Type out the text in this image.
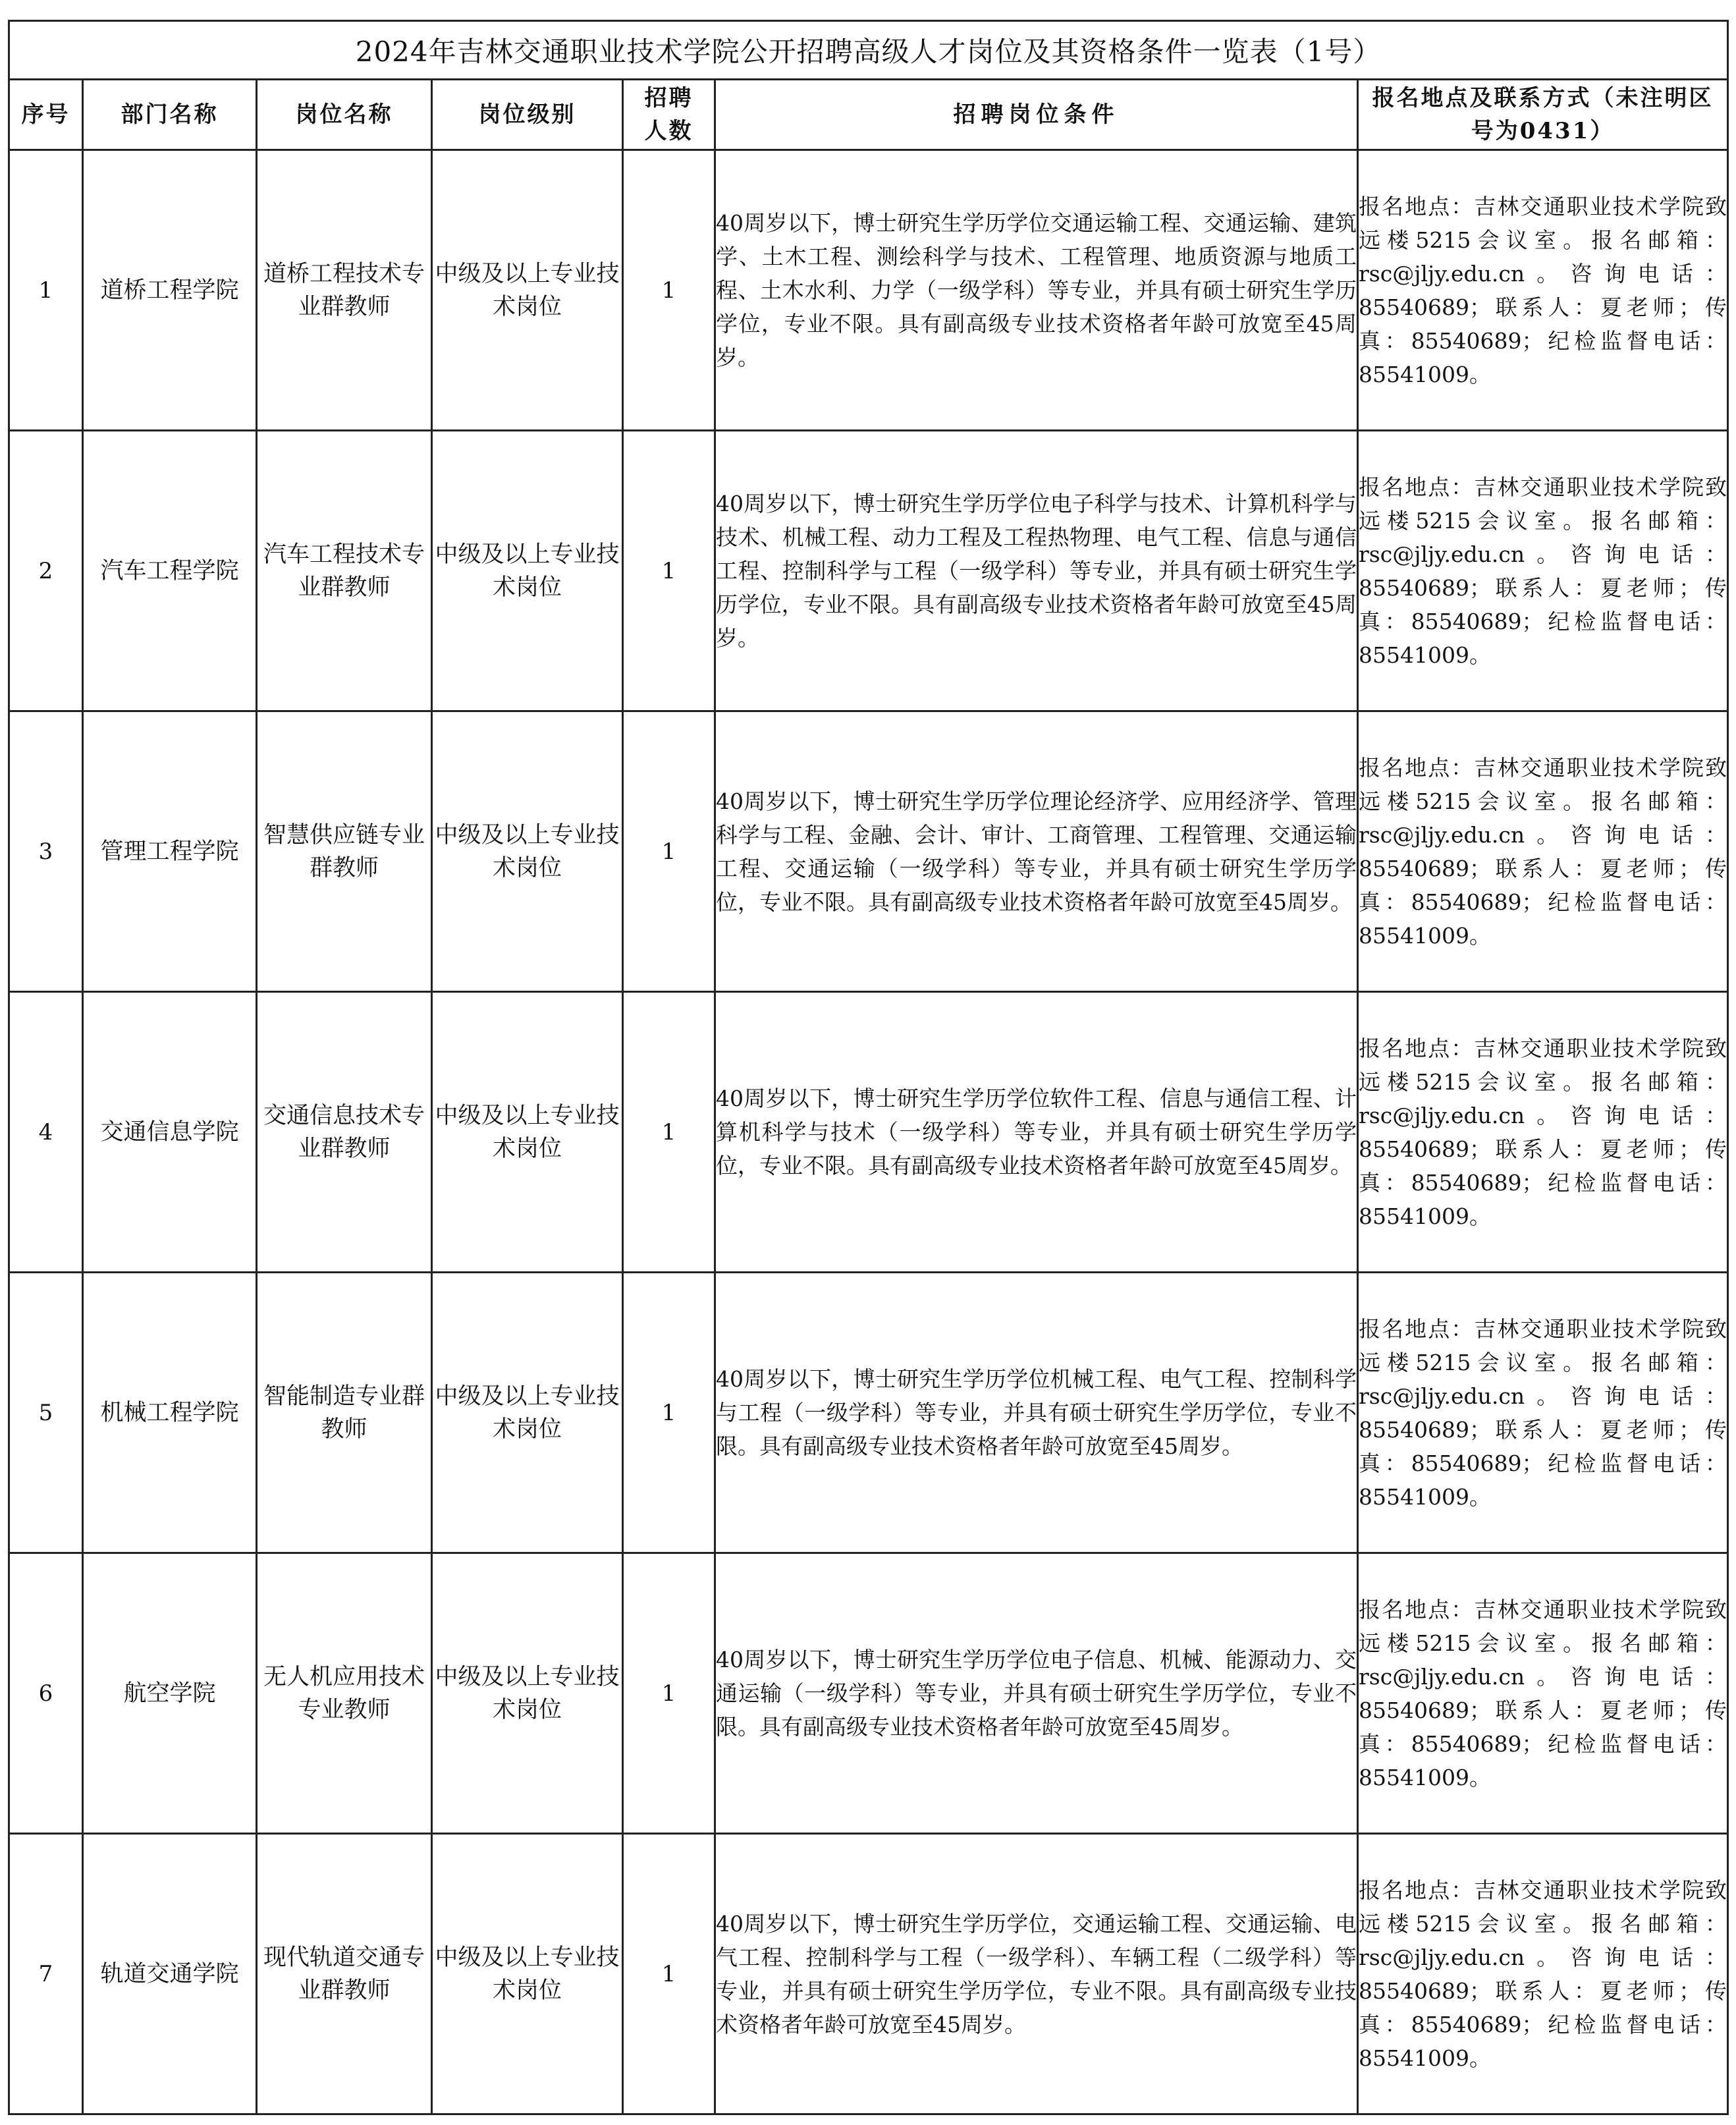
2024年吉林交通职业技术学院公开招聘高级人才岗位及其资格条件一览表（1号）						
序号	部门名称	岗位名称	岗位级别	招聘人数	招聘岗位条件	报名地点及联系方式（未注明区号为0431）
1	道桥工程学院	道桥工程技术专业群教师	中级及以上专业技术岗位	1	40周岁以下，博士研究生学历学位交通运输工程、交通运输、建筑学、土木工程、测绘科学与技术、工程管理、地质资源与地质工程、土木水利、力学（一级学科）等专业，并具有硕士研究生学历学位，专业不限。具有副高级专业技术资格者年龄可放宽至45周岁。	报名地点：吉林交通职业技术学院致远楼5215会议室。报名邮箱：rsc@jljy.edu.cn。咨询电话：85540689；联系人：夏老师；传真：85540689；纪检监督电话：85541009。
2	汽车工程学院	汽车工程技术专业群教师	中级及以上专业技术岗位	1	40周岁以下，博士研究生学历学位电子科学与技术、计算机科学与技术、机械工程、动力工程及工程热物理、电气工程、信息与通信工程、控制科学与工程（一级学科）等专业，并具有硕士研究生学历学位，专业不限。具有副高级专业技术资格者年龄可放宽至45周岁。	报名地点：吉林交通职业技术学院致远楼5215会议室。报名邮箱：rsc@jljy.edu.cn。咨询电话：85540689；联系人：夏老师；传真：85540689；纪检监督电话：85541009。
3	管理工程学院	智慧供应链专业群教师	中级及以上专业技术岗位	1	40周岁以下，博士研究生学历学位理论经济学、应用经济学、管理科学与工程、金融、会计、审计、工商管理、工程管理、交通运输工程、交通运输（一级学科）等专业，并具有硕士研究生学历学位，专业不限。具有副高级专业技术资格者年龄可放宽至45周岁。	报名地点：吉林交通职业技术学院致远楼5215会议室。报名邮箱：rsc@jljy.edu.cn。咨询电话：85540689；联系人：夏老师；传真：85540689；纪检监督电话：85541009。
4	交通信息学院	交通信息技术专业群教师	中级及以上专业技术岗位	1	40周岁以下，博士研究生学历学位软件工程、信息与通信工程、计算机科学与技术（一级学科）等专业，并具有硕士研究生学历学位，专业不限。具有副高级专业技术资格者年龄可放宽至45周岁。	报名地点：吉林交通职业技术学院致远楼5215会议室。报名邮箱：rsc@jljy.edu.cn。咨询电话：85540689；联系人：夏老师；传真：85540689；纪检监督电话：85541009。
5	机械工程学院	智能制造专业群教师	中级及以上专业技术岗位	1	40周岁以下，博士研究生学历学位机械工程、电气工程、控制科学与工程（一级学科）等专业，并具有硕士研究生学历学位，专业不限。具有副高级专业技术资格者年龄可放宽至45周岁。	报名地点：吉林交通职业技术学院致远楼5215会议室。报名邮箱：rsc@jljy.edu.cn。咨询电话：85540689；联系人：夏老师；传真：85540689；纪检监督电话：85541009。
6	航空学院	无人机应用技术专业教师	中级及以上专业技术岗位	1	40周岁以下，博士研究生学历学位电子信息、机械、能源动力、交通运输（一级学科）等专业，并具有硕士研究生学历学位，专业不限。具有副高级专业技术资格者年龄可放宽至45周岁。	报名地点：吉林交通职业技术学院致远楼5215会议室。报名邮箱：rsc@jljy.edu.cn。咨询电话：85540689；联系人：夏老师；传真：85540689；纪检监督电话：85541009。
7	轨道交通学院	现代轨道交通专业群教师	中级及以上专业技术岗位	1	40周岁以下，博士研究生学历学位，交通运输工程、交通运输、电气工程、控制科学与工程（一级学科）、车辆工程（二级学科）等专业，并具有硕士研究生学历学位，专业不限。具有副高级专业技术资格者年龄可放宽至45周岁。	报名地点：吉林交通职业技术学院致远楼5215会议室。报名邮箱：rsc@jljy.edu.cn。咨询电话：85540689；联系人：夏老师；传真：85540689；纪检监督电话：85541009。
